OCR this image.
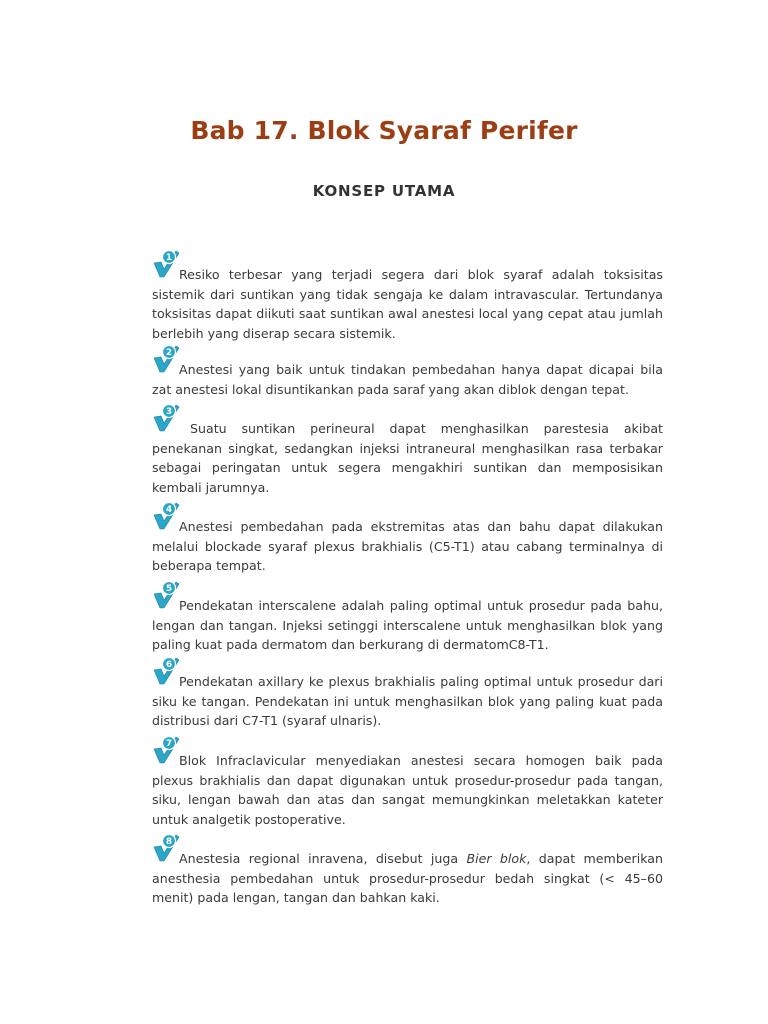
Bab 17. Blok Syaraf Perifer
KONSEP UTAMA

1
Resiko terbesar yang terjadi segera dari blok syaraf adalah toksisitas sistemik dari suntikan yang tidak sengaja ke dalam intravascular. Tertundanya toksisitas dapat diikuti saat suntikan awal anestesi local yang cepat atau jumlah berlebih yang diserap secara sistemik.

2
Anestesi yang baik untuk tindakan pembedahan hanya dapat dicapai bila zat anestesi lokal disuntikankan pada saraf yang akan diblok dengan tepat.

3
Suatu suntikan perineural dapat menghasilkan parestesia akibat penekanan singkat, sedangkan injeksi intraneural menghasilkan rasa terbakar sebagai peringatan untuk segera mengakhiri suntikan dan memposisikan kembali jarumnya.

4
Anestesi pembedahan pada ekstremitas atas dan bahu dapat dilakukan melalui blockade syaraf plexus brakhialis (C5-T1) atau cabang terminalnya di beberapa tempat.

5
Pendekatan interscalene adalah paling optimal untuk prosedur pada bahu, lengan dan tangan. Injeksi setinggi interscalene untuk menghasilkan blok yang paling kuat pada dermatom dan berkurang di dermatomC8-T1.

6
Pendekatan axillary ke plexus brakhialis paling optimal untuk prosedur dari siku ke tangan. Pendekatan ini untuk menghasilkan blok yang paling kuat pada distribusi dari C7-T1 (syaraf ulnaris).

7
Blok Infraclavicular menyediakan anestesi secara homogen baik pada plexus brakhialis dan dapat digunakan untuk prosedur-prosedur pada tangan, siku, lengan bawah dan atas dan sangat memungkinkan meletakkan kateter untuk analgetik postoperative.

8
Anestesia regional inravena, disebut juga Bier blok, dapat memberikan anesthesia pembedahan untuk prosedur-prosedur bedah singkat (< 45–60 menit) pada lengan, tangan dan bahkan kaki.
